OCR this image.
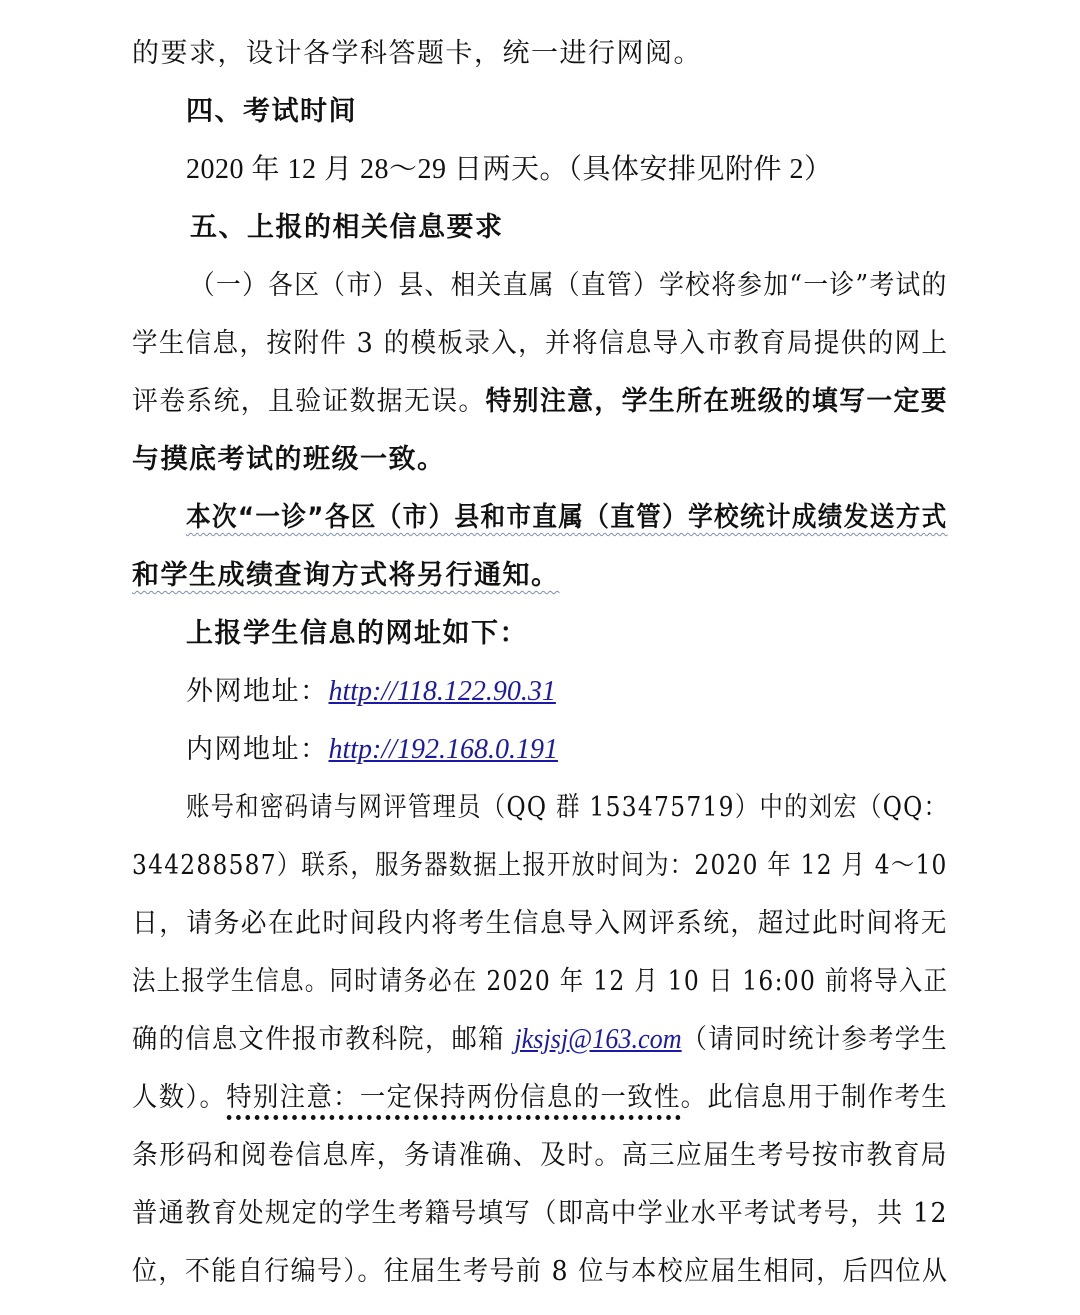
的要求，设计各学科答题卡，统一进行网阅。
四、考试时间
2020 年 12 月 28～29 日两天。（具体安排见附件 2）
五、上报的相关信息要求
（一）各区（市）县、相关直属（直管）学校将参加“一诊”考试的
学生信息，按附件 3 的模板录入，并将信息导入市教育局提供的网上
评卷系统，且验证数据无误。特别注意，学生所在班级的填写一定要
与摸底考试的班级一致。
本次“一诊”各区（市）县和市直属（直管）学校统计成绩发送方式
和学生成绩查询方式将另行通知。
上报学生信息的网址如下：
外网地址：http://118.122.90.31
内网地址：http://192.168.0.191
账号和密码请与网评管理员（QQ 群 153475719）中的刘宏（QQ：
344288587）联系，服务器数据上报开放时间为：2020 年 12 月 4～10
日，请务必在此时间段内将考生信息导入网评系统，超过此时间将无
法上报学生信息。同时请务必在 2020 年 12 月 10 日 16:00 前将导入正
确的信息文件报市教科院，邮箱 jksjsj@163.com（请同时统计参考学生
人数）。特别注意：一定保持两份信息的一致性。此信息用于制作考生
条形码和阅卷信息库，务请准确、及时。高三应届生考号按市教育局
普通教育处规定的学生考籍号填写（即高中学业水平考试考号，共 12
位，不能自行编号）。往届生考号前 8 位与本校应届生相同，后四位从
